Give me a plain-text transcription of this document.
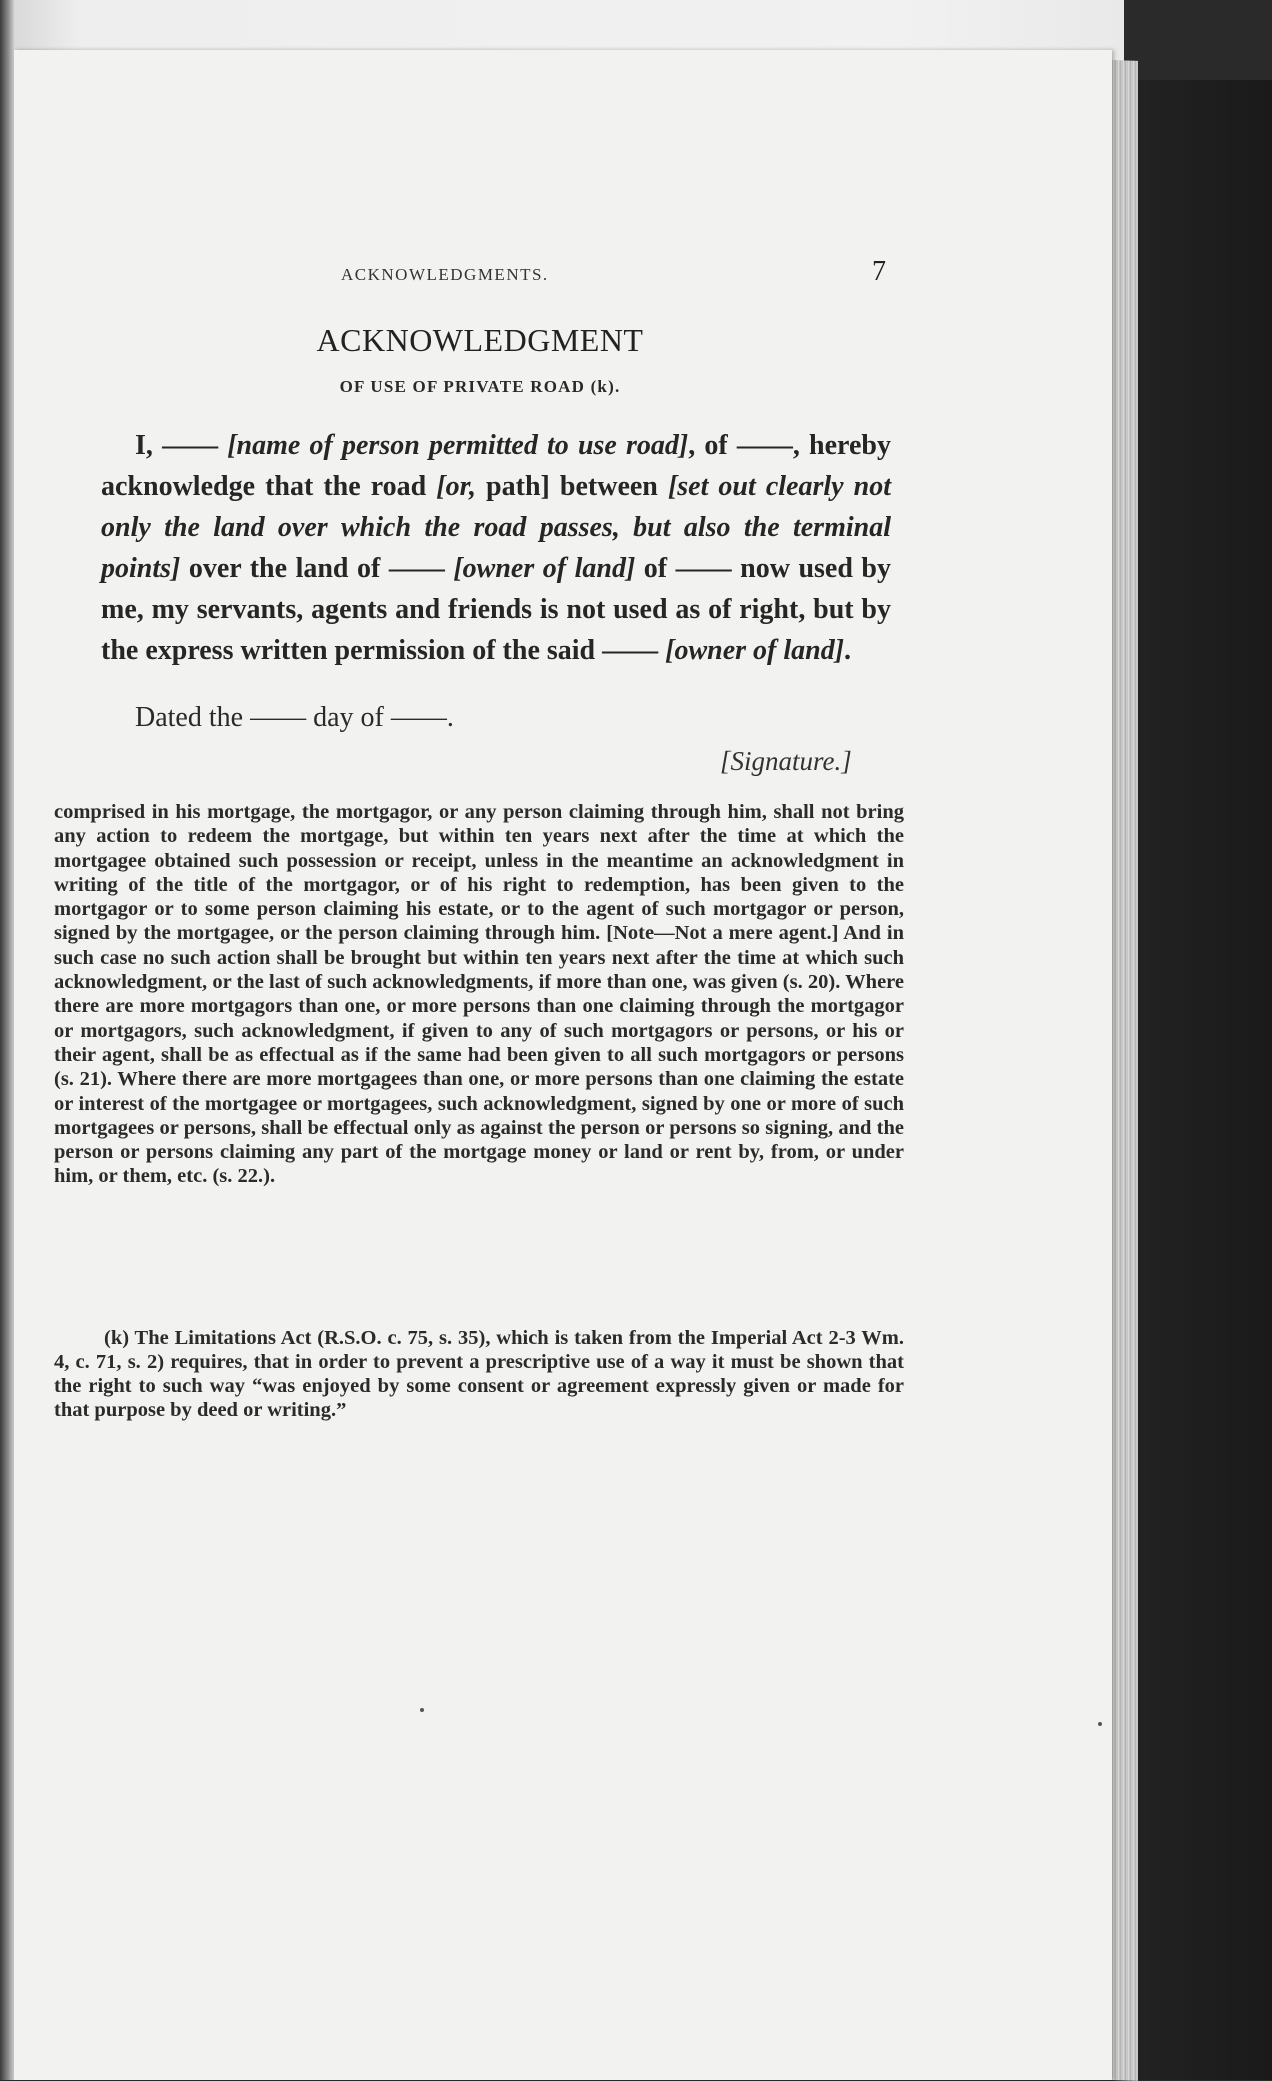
ACKNOWLEDGMENTS.	7
ACKNOWLEDGMENT
OF USE OF PRIVATE ROAD (k).

I, —— [name of person permitted to use road], of ——, hereby acknowledge that the road [or, path] between [set out clearly not only the land over which the road passes, but also the terminal points] over the land of —— [owner of land] of —— now used by me, my servants, agents and friends is not used as of right, but by the express written permission of the said —— [owner of land].

Dated the —— day of ——.
[Signature.]

comprised in his mortgage, the mortgagor, or any person claiming through him, shall not bring any action to redeem the mortgage, but within ten years next after the time at which the mortgagee obtained such possession or receipt, unless in the meantime an acknowledgment in writing of the title of the mortgagor, or of his right to redemption, has been given to the mortgagor or to some person claiming his estate, or to the agent of such mortgagor or person, signed by the mortgagee, or the person claiming through him. [Note—Not a mere agent.] And in such case no such action shall be brought but within ten years next after the time at which such acknowledgment, or the last of such acknowledgments, if more than one, was given (s. 20). Where there are more mortgagors than one, or more persons than one claiming through the mortgagor or mortgagors, such acknowledgment, if given to any of such mortgagors or persons, or his or their agent, shall be as effectual as if the same had been given to all such mortgagors or persons (s. 21). Where there are more mortgagees than one, or more persons than one claiming the estate or interest of the mortgagee or mortgagees, such acknowledgment, signed by one or more of such mortgagees or persons, shall be effectual only as against the person or persons so signing, and the person or persons claiming any part of the mortgage money or land or rent by, from, or under him, or them, etc. (s. 22.).

(k) The Limitations Act (R.S.O. c. 75, s. 35), which is taken from the Imperial Act 2-3 Wm. 4, c. 71, s. 2) requires, that in order to prevent a prescriptive use of a way it must be shown that the right to such way “was enjoyed by some consent or agreement expressly given or made for that purpose by deed or writing.”
